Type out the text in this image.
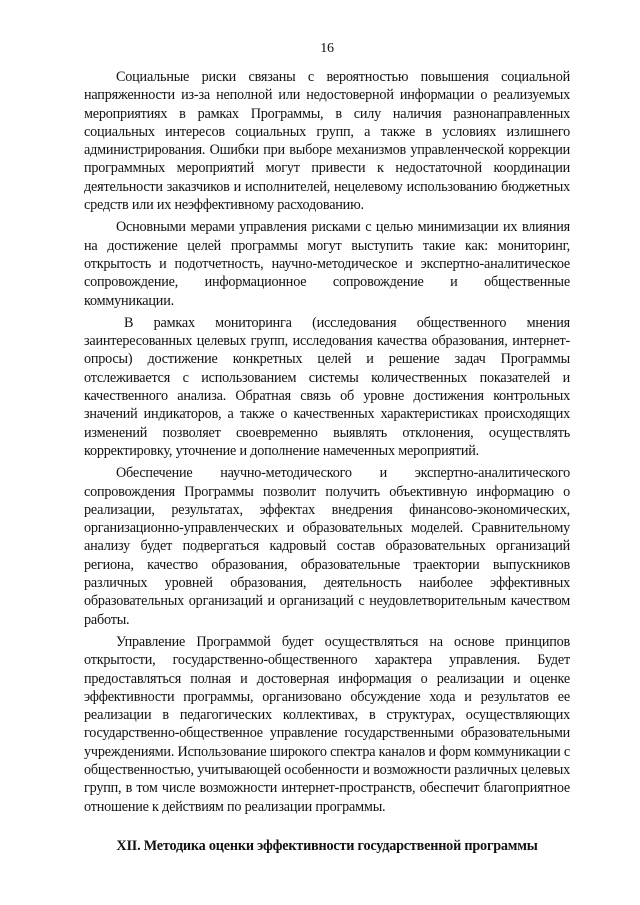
16

Социальные риски связаны с вероятностью повышения социальной напряженности из-за неполной или недостоверной информации о реализуемых мероприятиях в рамках Программы, в силу наличия разнонаправленных социальных интересов социальных групп, а также в условиях излишнего администрирования. Ошибки при выборе механизмов управленческой коррекции программных мероприятий могут привести к недостаточной координации деятельности заказчиков и исполнителей, нецелевому использованию бюджетных средств или их неэффективному расходованию.

Основными мерами управления рисками с целью минимизации их влияния на достижение целей программы могут выступить такие как: мониторинг, открытость и подотчетность, научно-методическое и экспертно-аналитическое сопровождение, информационное сопровождение и общественные коммуникации.

В рамках мониторинга (исследования общественного мнения заинтересованных целевых групп, исследования качества образования, интернет-опросы) достижение конкретных целей и решение задач Программы отслеживается с использованием системы количественных показателей и качественного анализа. Обратная связь об уровне достижения контрольных значений индикаторов, а также о качественных характеристиках происходящих изменений позволяет своевременно выявлять отклонения, осуществлять корректировку, уточнение и дополнение намеченных мероприятий.

Обеспечение научно-методического и экспертно-аналитического сопровождения Программы позволит получить объективную информацию о реализации, результатах, эффектах внедрения финансово-экономических, организационно-управленческих и образовательных моделей. Сравнительному анализу будет подвергаться кадровый состав образовательных организаций региона, качество образования, образовательные траектории выпускников различных уровней образования, деятельность наиболее эффективных образовательных организаций и организаций с неудовлетворительным качеством работы.

Управление Программой будет осуществляться на основе принципов открытости, государственно-общественного характера управления. Будет предоставляться полная и достоверная информация о реализации и оценке эффективности программы, организовано обсуждение хода и результатов ее реализации в педагогических коллективах, в структурах, осуществляющих государственно-общественное управление государственными образовательными учреждениями. Использование широкого спектра каналов и форм коммуникации с общественностью, учитывающей особенности и возможности различных целевых групп, в том числе возможности интернет-пространств, обеспечит благоприятное отношение к действиям по реализации программы.

XII. Методика оценки эффективности государственной программы
